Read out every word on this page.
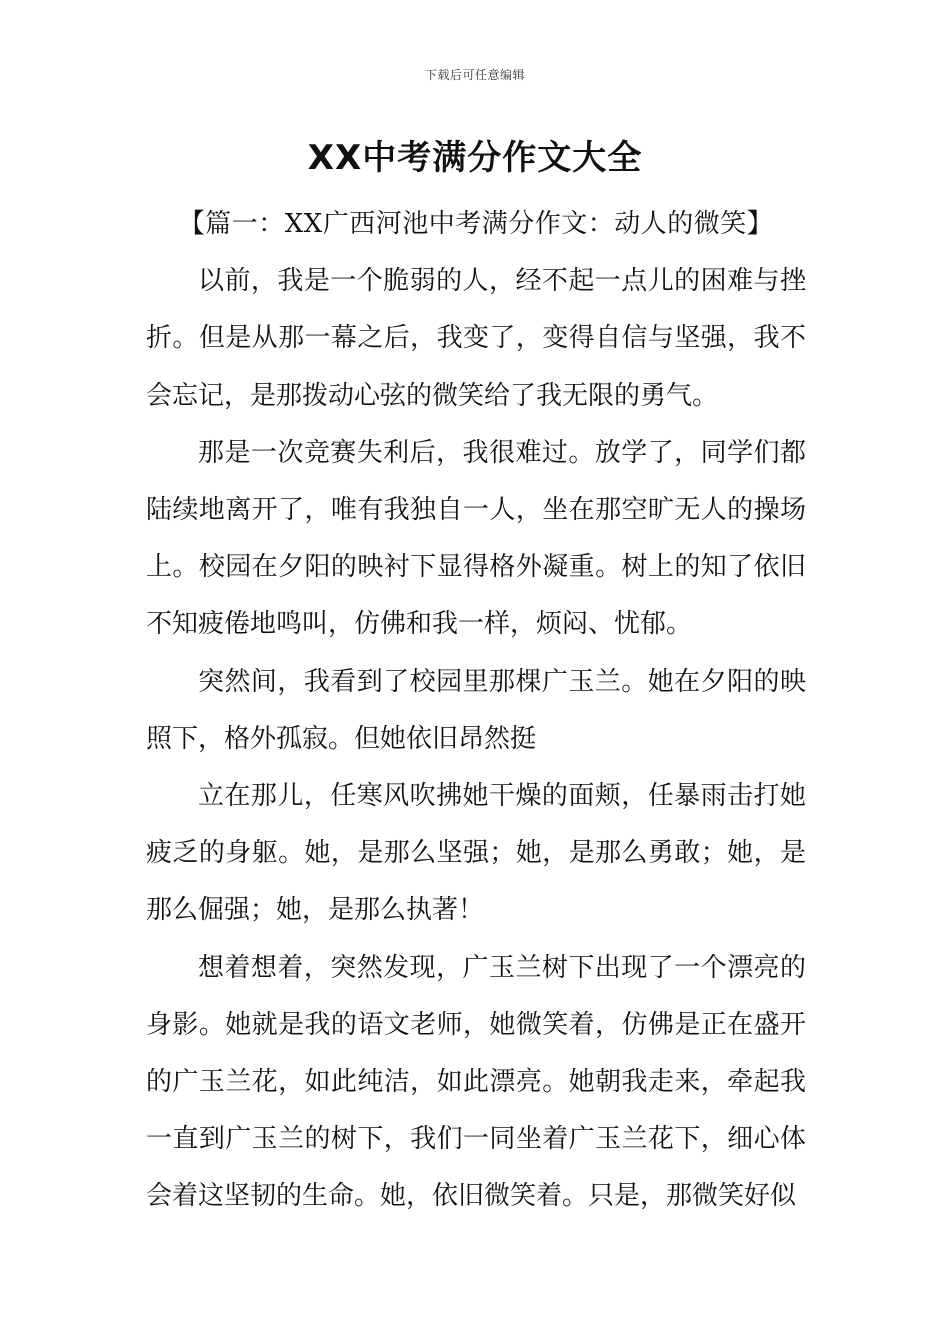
下载后可任意编辑
XX中考满分作文大全

【篇一：XX广西河池中考满分作文：动人的微笑】

以前，我是一个脆弱的人，经不起一点儿的困难与挫折。但是从那一幕之后，我变了，变得自信与坚强，我不会忘记，是那拨动心弦的微笑给了我无限的勇气。

那是一次竞赛失利后，我很难过。放学了，同学们都陆续地离开了，唯有我独自一人，坐在那空旷无人的操场上。校园在夕阳的映衬下显得格外凝重。树上的知了依旧不知疲倦地鸣叫，仿佛和我一样，烦闷、忧郁。

突然间，我看到了校园里那棵广玉兰。她在夕阳的映照下，格外孤寂。但她依旧昂然挺

立在那儿，任寒风吹拂她干燥的面颊，任暴雨击打她疲乏的身躯。她，是那么坚强；她，是那么勇敢；她，是那么倔强；她，是那么执著！

想着想着，突然发现，广玉兰树下出现了一个漂亮的身影。她就是我的语文老师，她微笑着，仿佛是正在盛开的广玉兰花，如此纯洁，如此漂亮。她朝我走来，牵起我一直到广玉兰的树下，我们一同坐着广玉兰花下，细心体会着这坚韧的生命。她，依旧微笑着。只是，那微笑好似
